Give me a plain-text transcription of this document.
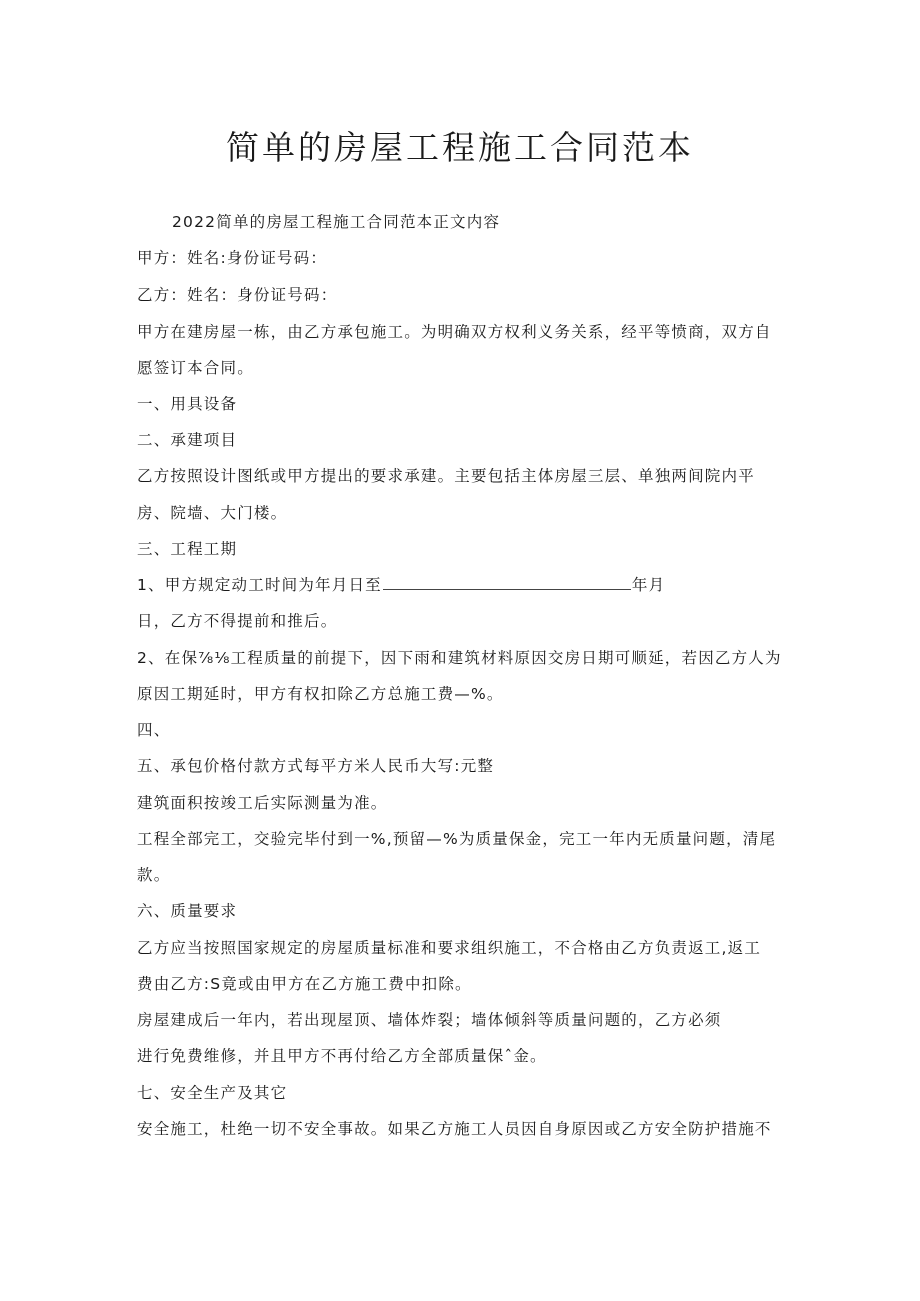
简单的房屋工程施工合同范本
2022简单的房屋工程施工合同范本正文内容
甲方：姓名:身份证号码：
乙方：姓名：身份证号码：
甲方在建房屋一栋，由乙方承包施工。为明确双方权利义务关系，经平等愤商，双方自
愿签订本合同。
一、用具设备
二、承建项目
乙方按照设计图纸或甲方提出的要求承建。主要包括主体房屋三层、单独两间院内平
房、院墙、大门楼。
三、工程工期
1、甲方规定动工时间为年月日至	年月
日，乙方不得提前和推后。
2、在保⅞⅛工程质量的前提下，因下雨和建筑材料原因交房日期可顺延，若因乙方人为
原因工期延时，甲方有权扣除乙方总施工费—%。
四、
五、承包价格付款方式每平方米人民币大写:元整
建筑面积按竣工后实际测量为准。
工程全部完工，交验完毕付到一%,预留—%为质量保金，完工一年内无质量问题，清尾
款。
六、质量要求
乙方应当按照国家规定的房屋质量标准和要求组织施工，不合格由乙方负责返工,返工
费由乙方:S竟或由甲方在乙方施工费中扣除。
房屋建成后一年内，若出现屋顶、墙体炸裂；墙体倾斜等质量问题的，乙方必须
进行免费维修，并且甲方不再付给乙方全部质量保ˆ金。
七、安全生产及其它
安全施工，杜绝一切不安全事故。如果乙方施工人员因自身原因或乙方安全防护措施不
